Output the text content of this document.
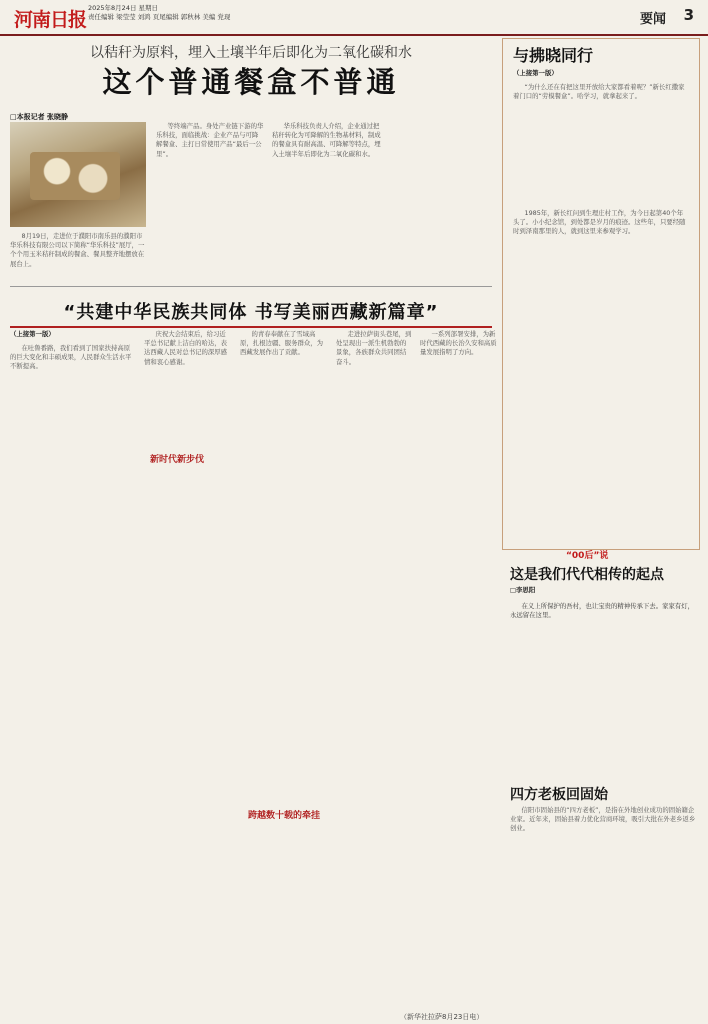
河南日报
2025年8月24日 星期日
责任编辑 梁莹莹 刘鸿 页尾编辑 郭秋林 美编 党现	要闻 3
以秸秆为原料，埋入土壤半年后即化为二氧化碳和水
这个普通餐盒不普通
□本报记者 张晓静

8月19日，走进位于濮阳市南乐县的濮阳市华乐科技有限公司以下简称“华乐科技”展厅，一个个用玉米秸秆制成的餐盒、餐具整齐地摆放在展台上。

等终端产品。身处产业链下游的华乐科技，面临挑战：企业产品与可降解餐盒、主打日常使用产品“最后一公里”。

华乐科技负责人介绍，企业通过把秸秆转化为可降解的生物基材料，制成的餐盒具有耐高温、可降解等特点，埋入土壤半年后即化为二氧化碳和水。

与拂晓同行
（上接第一版）

“为什么还在有把这里开放给大家都看着呢？”新长红撒家着门口的“劳模餐盒”。哈学习，就拿起来了。

1985年，新长红问到生理庄村工作，为今日起第40个年头了。小小纪念馆，到处都是岁月的痕迹。这些年，只要经随时到泽南那里的人，就到这里来参观学习。

“00后”说
这是我们代代相传的起点
□李思阳

在义上所保护的吾村，也让宝贵的精神传承下去。家家有灯，永远留在这里。

四方老板回固始

信阳市固始县的“四方老板”，是指在外地创业成功的固始籍企业家。近年来，固始县着力优化营商环境，吸引大批在外老乡返乡创业。

“共建中华民族共同体 书写美丽西藏新篇章”
（上接第一版）

在吐鲁番路，我们看到了国家扶持高原的巨大变化和丰硕成果，人民群众生活水平不断提高。

庆祝大会结束后，给习近平总书记献上洁白的哈达，表达西藏人民对总书记的深厚感情和衷心感谢。

新时代新步伐

的青春奉献在了雪域高原，扎根边疆、服务群众，为西藏发展作出了贡献。

跨越数十载的牵挂

走进拉萨街头巷尾，到处呈现出一派生机勃勃的景象，各族群众共同团结奋斗。

一系列部署安排，为新时代西藏的长治久安和高质量发展指明了方向。

（新华社拉萨8月23日电）
